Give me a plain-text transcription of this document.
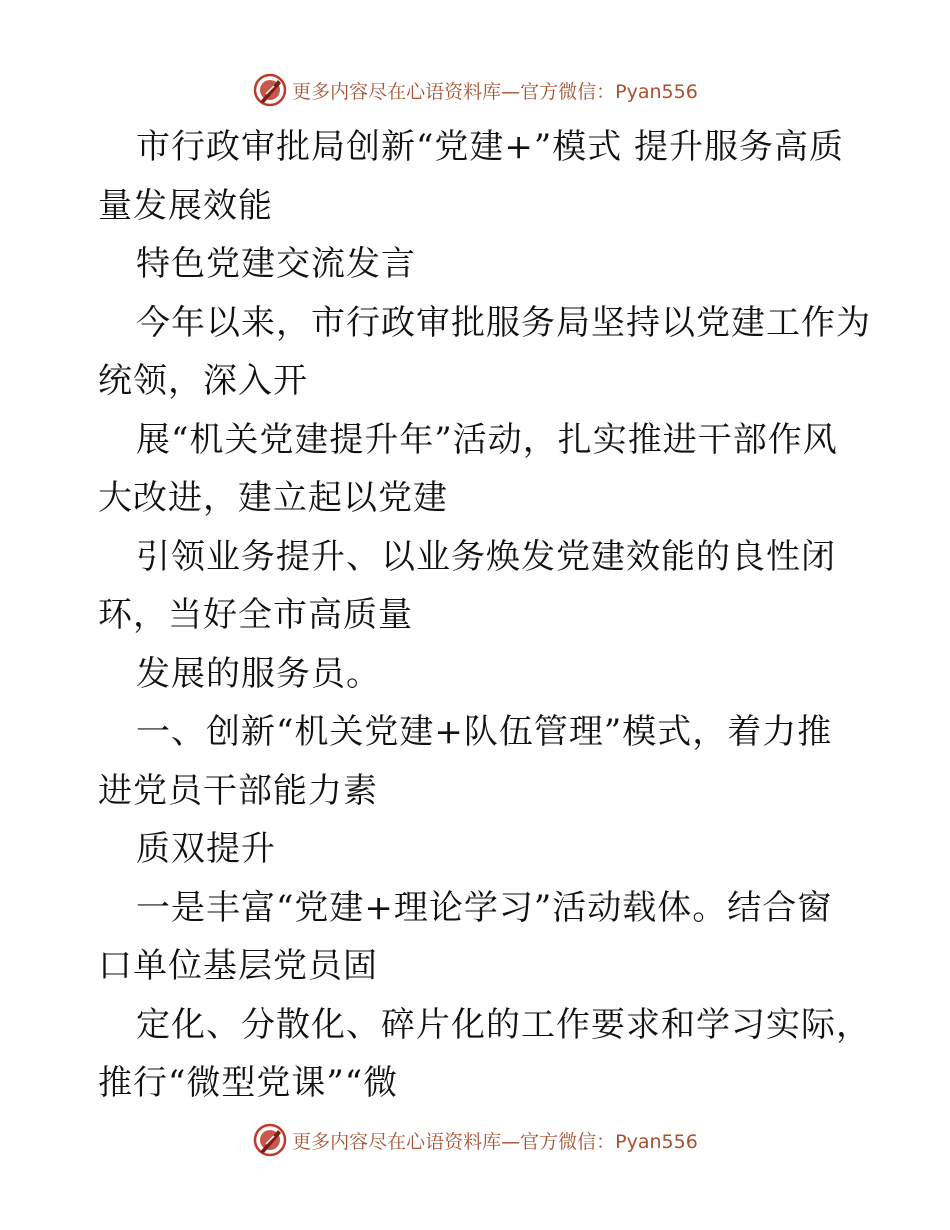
更多内容尽在心语资料库—官方微信：Pyan556
市行政审批局创新“党建+”模式 提升服务高质
量发展效能
特色党建交流发言
今年以来，市行政审批服务局坚持以党建工作为
统领，深入开
展“机关党建提升年”活动，扎实推进干部作风
大改进，建立起以党建
引领业务提升、以业务焕发党建效能的良性闭
环，当好全市高质量
发展的服务员。
一、创新“机关党建+队伍管理”模式，着力推
进党员干部能力素
质双提升
一是丰富“党建+理论学习”活动载体。结合窗
口单位基层党员固
定化、分散化、碎片化的工作要求和学习实际，
推行“微型党课”“微
更多内容尽在心语资料库—官方微信：Pyan556
